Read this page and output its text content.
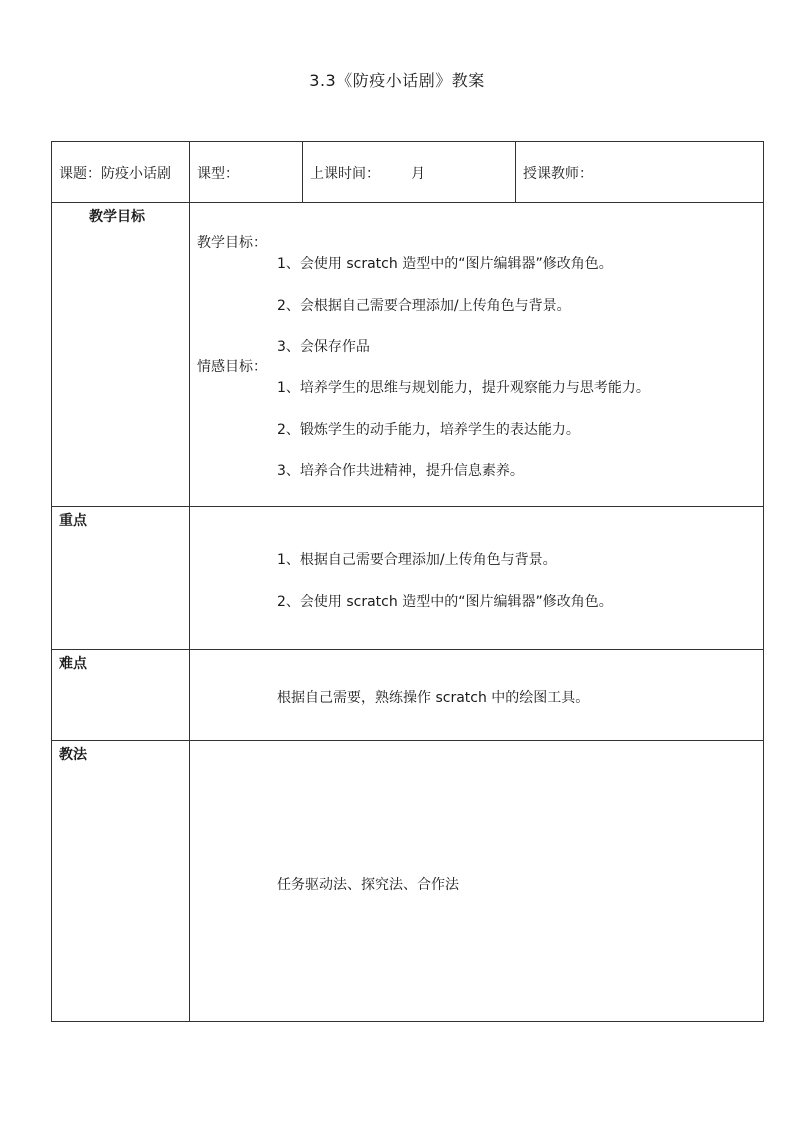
3.3《防疫小话剧》教案
课题：防疫小话剧 课型：	上课时间：       月	授课教师：
教学目标
教学目标：
1、会使用 scratch 造型中的“图片编辑器”修改角色。
2、会根据自己需要合理添加/上传角色与背景。
3、会保存作品
情感目标：
1、培养学生的思维与规划能力，提升观察能力与思考能力。
2、锻炼学生的动手能力，培养学生的表达能力。
3、培养合作共进精神，提升信息素养。
重点
1、根据自己需要合理添加/上传角色与背景。
2、会使用 scratch 造型中的“图片编辑器”修改角色。
难点
根据自己需要，熟练操作 scratch 中的绘图工具。
教法
任务驱动法、探究法、合作法
